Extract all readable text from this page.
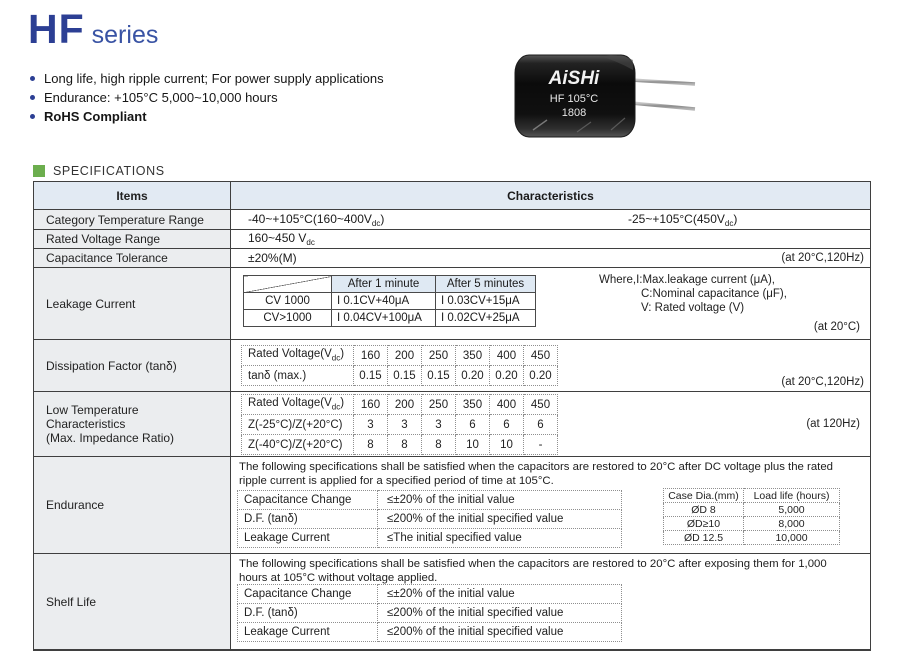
HF series
Long life, high ripple current; For power supply applications
Endurance: +105°C 5,000~10,000 hours
RoHS Compliant
AiSHi
HF 105°C
1808
SPECIFICATIONS
Items	Characteristics
Category Temperature Range	$-40\sim+105^\circ C(160\sim 400V_{dc})$	$-25\sim+105^\circ C(450V_{dc})$
Rated Voltage Range	160~450 $V_{dc}$
Capacitance Tolerance	±20%(M)	(at 20°C,120Hz)
Leakage Current
	After 1 minute	After 5 minutes
CV 1000	I 0.1CV+40μA	I 0.03CV+15μA
CV>1000	I 0.04CV+100μA	I 0.02CV+25μA
Where,I:Max.leakage current (μA),
C:Nominal capacitance (μF),
V: Rated voltage (V)
(at 20°C)
Dissipation Factor (tanδ)
Rated $Voltage(V_{dc})$	160	200	250	350	400	450
tanδ (max.)	0.15	0.15	0.15	0.20	0.20	0.20
(at 20°C,120Hz)
Low Temperature
Characteristics
(Max. Impedance Ratio)
Rated $Voltage(V_{dc})$	160	200	250	350	400	450
Z(-25°C)/Z(+20°C)	3	3	3	6	6	6
Z(-40°C)/Z(+20°C)	8	8	8	10	10	-
(at 120Hz)
Endurance
The following specifications shall be satisfied when the capacitors are restored to 20°C after DC voltage plus the rated
ripple current is applied for a specified period of time at 105°C.
Capacitance Change	≤±20% of the initial value
D.F. (tanδ)	≤200% of the initial specified value
Leakage Current	≤The initial specified value
Case Dia.(mm)	Load life (hours)
ØD 8	5,000
ØD≥10	8,000
ØD 12.5	10,000
Shelf Life
The following specifications shall be satisfied when the capacitors are restored to 20°C after exposing them for 1,000
hours at 105°C without voltage applied.
Capacitance Change	≤±20% of the initial value
D.F. (tanδ)	≤200% of the initial specified value
Leakage Current	≤200% of the initial specified value
